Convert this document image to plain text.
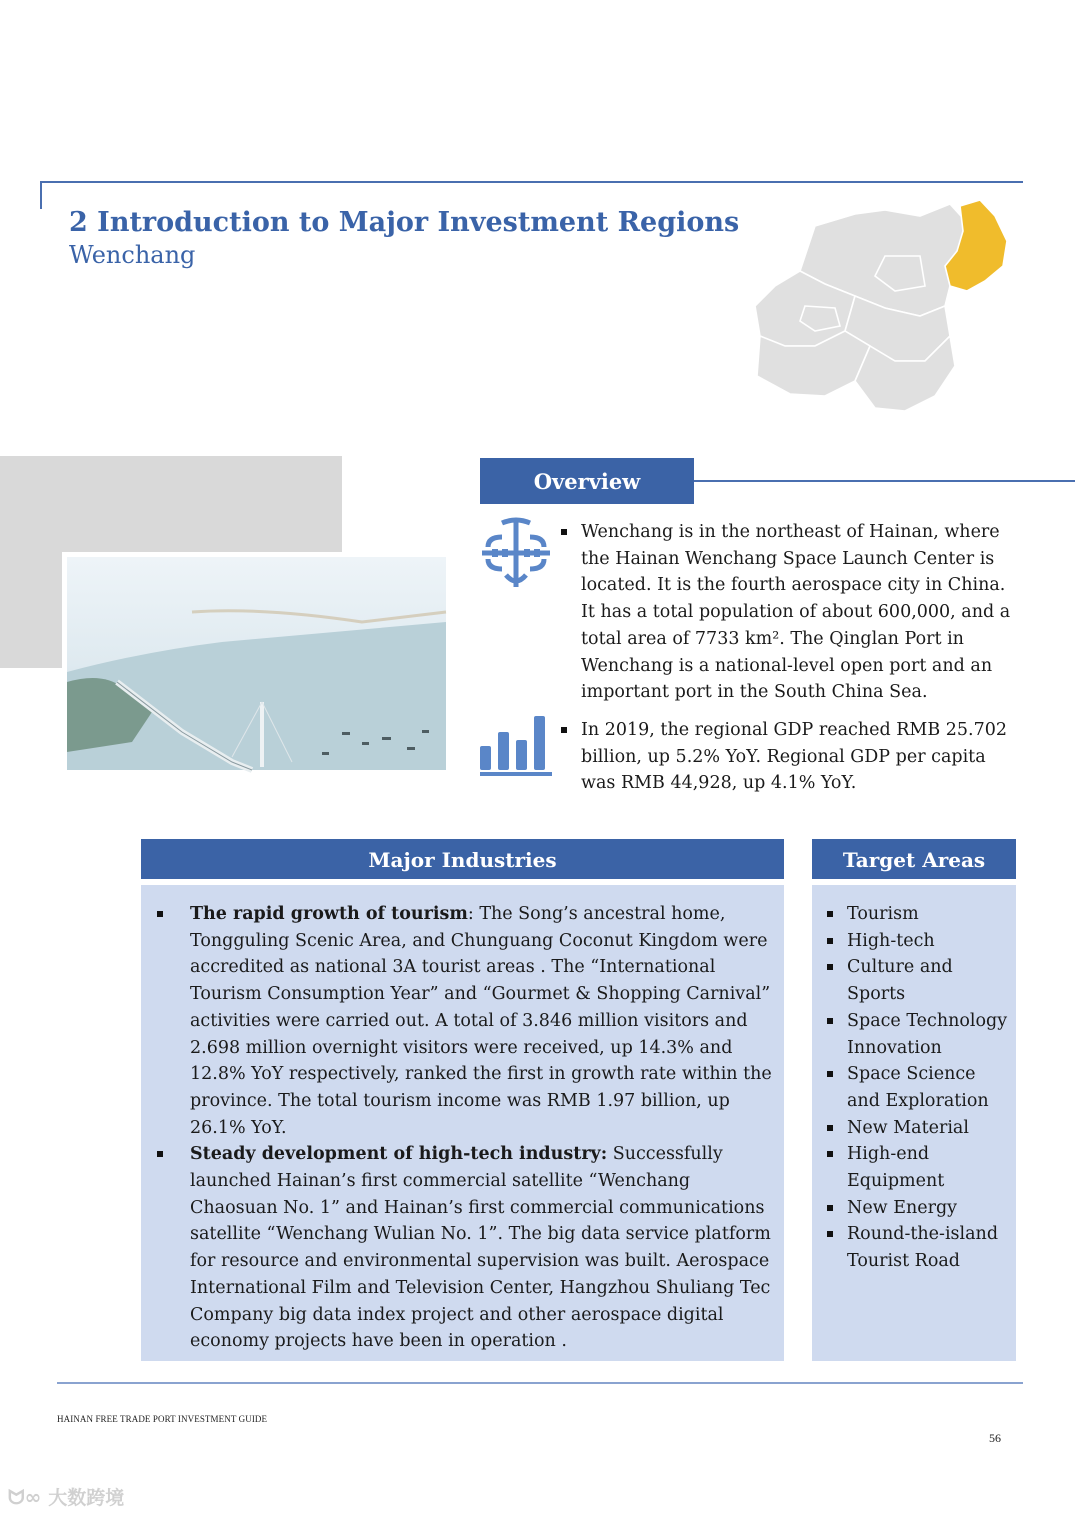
2 Introduction to Major Investment Regions
Wenchang
Overview
Wenchang is in the northeast of Hainan, where the Hainan Wenchang Space Launch Center is located. It is the fourth aerospace city in China. It has a total population of about 600,000, and a total area of 7733 km². The Qinglan Port in Wenchang is a national-level open port and an important port in the South China Sea.
In 2019, the regional GDP reached RMB 25.702 billion, up 5.2% YoY. Regional GDP per capita was RMB 44,928, up 4.1% YoY.
Major Industries
The rapid growth of tourism: The Song’s ancestral home, Tongguling Scenic Area, and Chunguang Coconut Kingdom were accredited as national 3A tourist areas . The “International Tourism Consumption Year” and “Gourmet & Shopping Carnival” activities were carried out. A total of 3.846 million visitors and 2.698 million overnight visitors were received, up 14.3% and 12.8% YoY respectively, ranked the first in growth rate within the province. The total tourism income was RMB 1.97 billion, up 26.1% YoY.
Steady development of high-tech industry: Successfully launched Hainan’s first commercial satellite “Wenchang Chaosuan No. 1” and Hainan’s first commercial communications satellite “Wenchang Wulian No. 1”. The big data service platform for resource and environmental supervision was built. Aerospace International Film and Television Center, Hangzhou Shuliang Tec Company big data index project and other aerospace digital economy projects have been in operation .
Target Areas
Tourism
High-tech
Culture and Sports
Space Technology Innovation
Space Science and Exploration
New Material
High-end Equipment
New Energy
Round-the-island Tourist Road
HAINAN FREE TRADE PORT INVESTMENT GUIDE
56
ᗢ∞ 大数跨境
